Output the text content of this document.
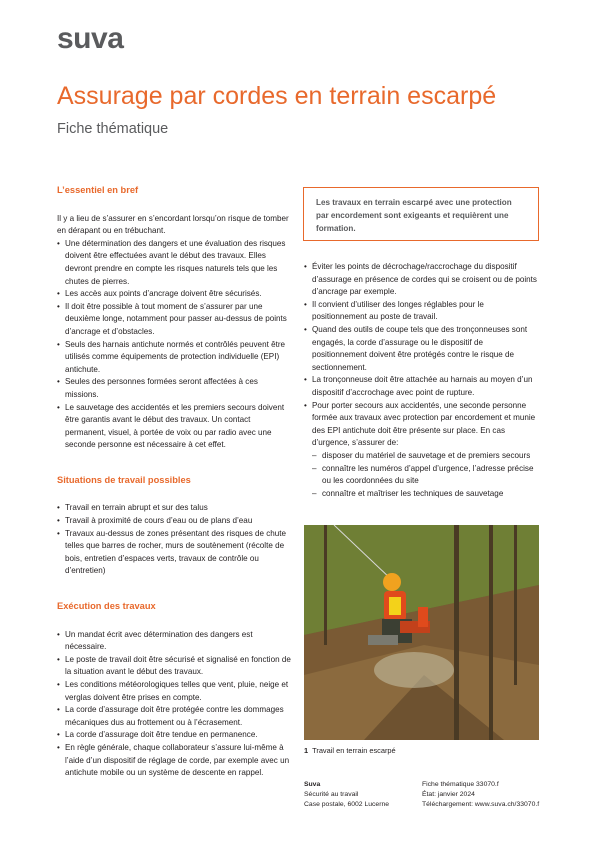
suva
Assurage par cordes en terrain escarpé
Fiche thématique
Les travaux en terrain escarpé avec une protection par encordement sont exigeants et requièrent une formation.
L’essentiel en bref

Il y a lieu de s’assurer en s’encordant lorsqu’on risque de tomber en dérapant ou en trébuchant.

• Une détermination des dangers et une évaluation des risques doivent être effectuées avant le début des travaux. Elles devront prendre en compte les risques naturels tels que les chutes de pierres.
• Les accès aux points d’ancrage doivent être sécurisés.
• Il doit être possible à tout moment de s’assurer par une deuxième longe, notamment pour passer au-dessus de points d’ancrage et d’obstacles.
• Seuls des harnais antichute normés et contrôlés peuvent être utilisés comme équipements de protection individuelle (EPI) antichute.
• Seules des personnes formées seront affectées à ces missions.
• Le sauvetage des accidentés et les premiers secours doivent être garantis avant le début des travaux. Un contact permanent, visuel, à portée de voix ou par radio avec une seconde personne est nécessaire à cet effet.
Situations de travail possibles
• Travail en terrain abrupt et sur des talus
• Travail à proximité de cours d’eau ou de plans d’eau
• Travaux au-dessus de zones présentant des risques de chute telles que barres de rocher, murs de soutènement (récolte de bois, entretien d’espaces verts, travaux de contrôle ou d’entretien)
Exécution des travaux
• Un mandat écrit avec détermination des dangers est nécessaire.
• Le poste de travail doit être sécurisé et signalisé en fonction de la situation avant le début des travaux.
• Les conditions météorologiques telles que vent, pluie, neige et verglas doivent être prises en compte.
• La corde d’assurage doit être protégée contre les dommages mécaniques dus au frottement ou à l’écrasement.
• La corde d’assurage doit être tendue en permanence.
• En règle générale, chaque collaborateur s’assure lui-même à l’aide d’un dispositif de réglage de corde, par exemple avec un antichute mobile ou un système de descente en rappel.
• Éviter les points de décrochage/raccrochage du dispositif d’assurage en présence de cordes qui se croisent ou de points d’ancrage par exemple.
• Il convient d’utiliser des longes réglables pour le positionnement au poste de travail.
• Quand des outils de coupe tels que des tronçonneuses sont engagés, la corde d’assurage ou le dispositif de positionnement doivent être protégés contre le risque de sectionnement.
• La tronçonneuse doit être attachée au harnais au moyen d’un dispositif d’accrochage avec point de rupture.
• Pour porter secours aux accidentés, une seconde personne formée aux travaux avec protection par encordement et munie des EPI antichute doit être présente sur place. En cas d’urgence, s’assurer de:
– disposer du matériel de sauvetage et de premiers secours
– connaître les numéros d’appel d’urgence, l’adresse précise ou les coordonnées du site
– connaître et maîtriser les techniques de sauvetage
1 Travail en terrain escarpé
Suva
Sécurité au travail
Case postale, 6002 Lucerne
Fiche thématique 33070.f
État: janvier 2024
Téléchargement: www.suva.ch/33070.f
